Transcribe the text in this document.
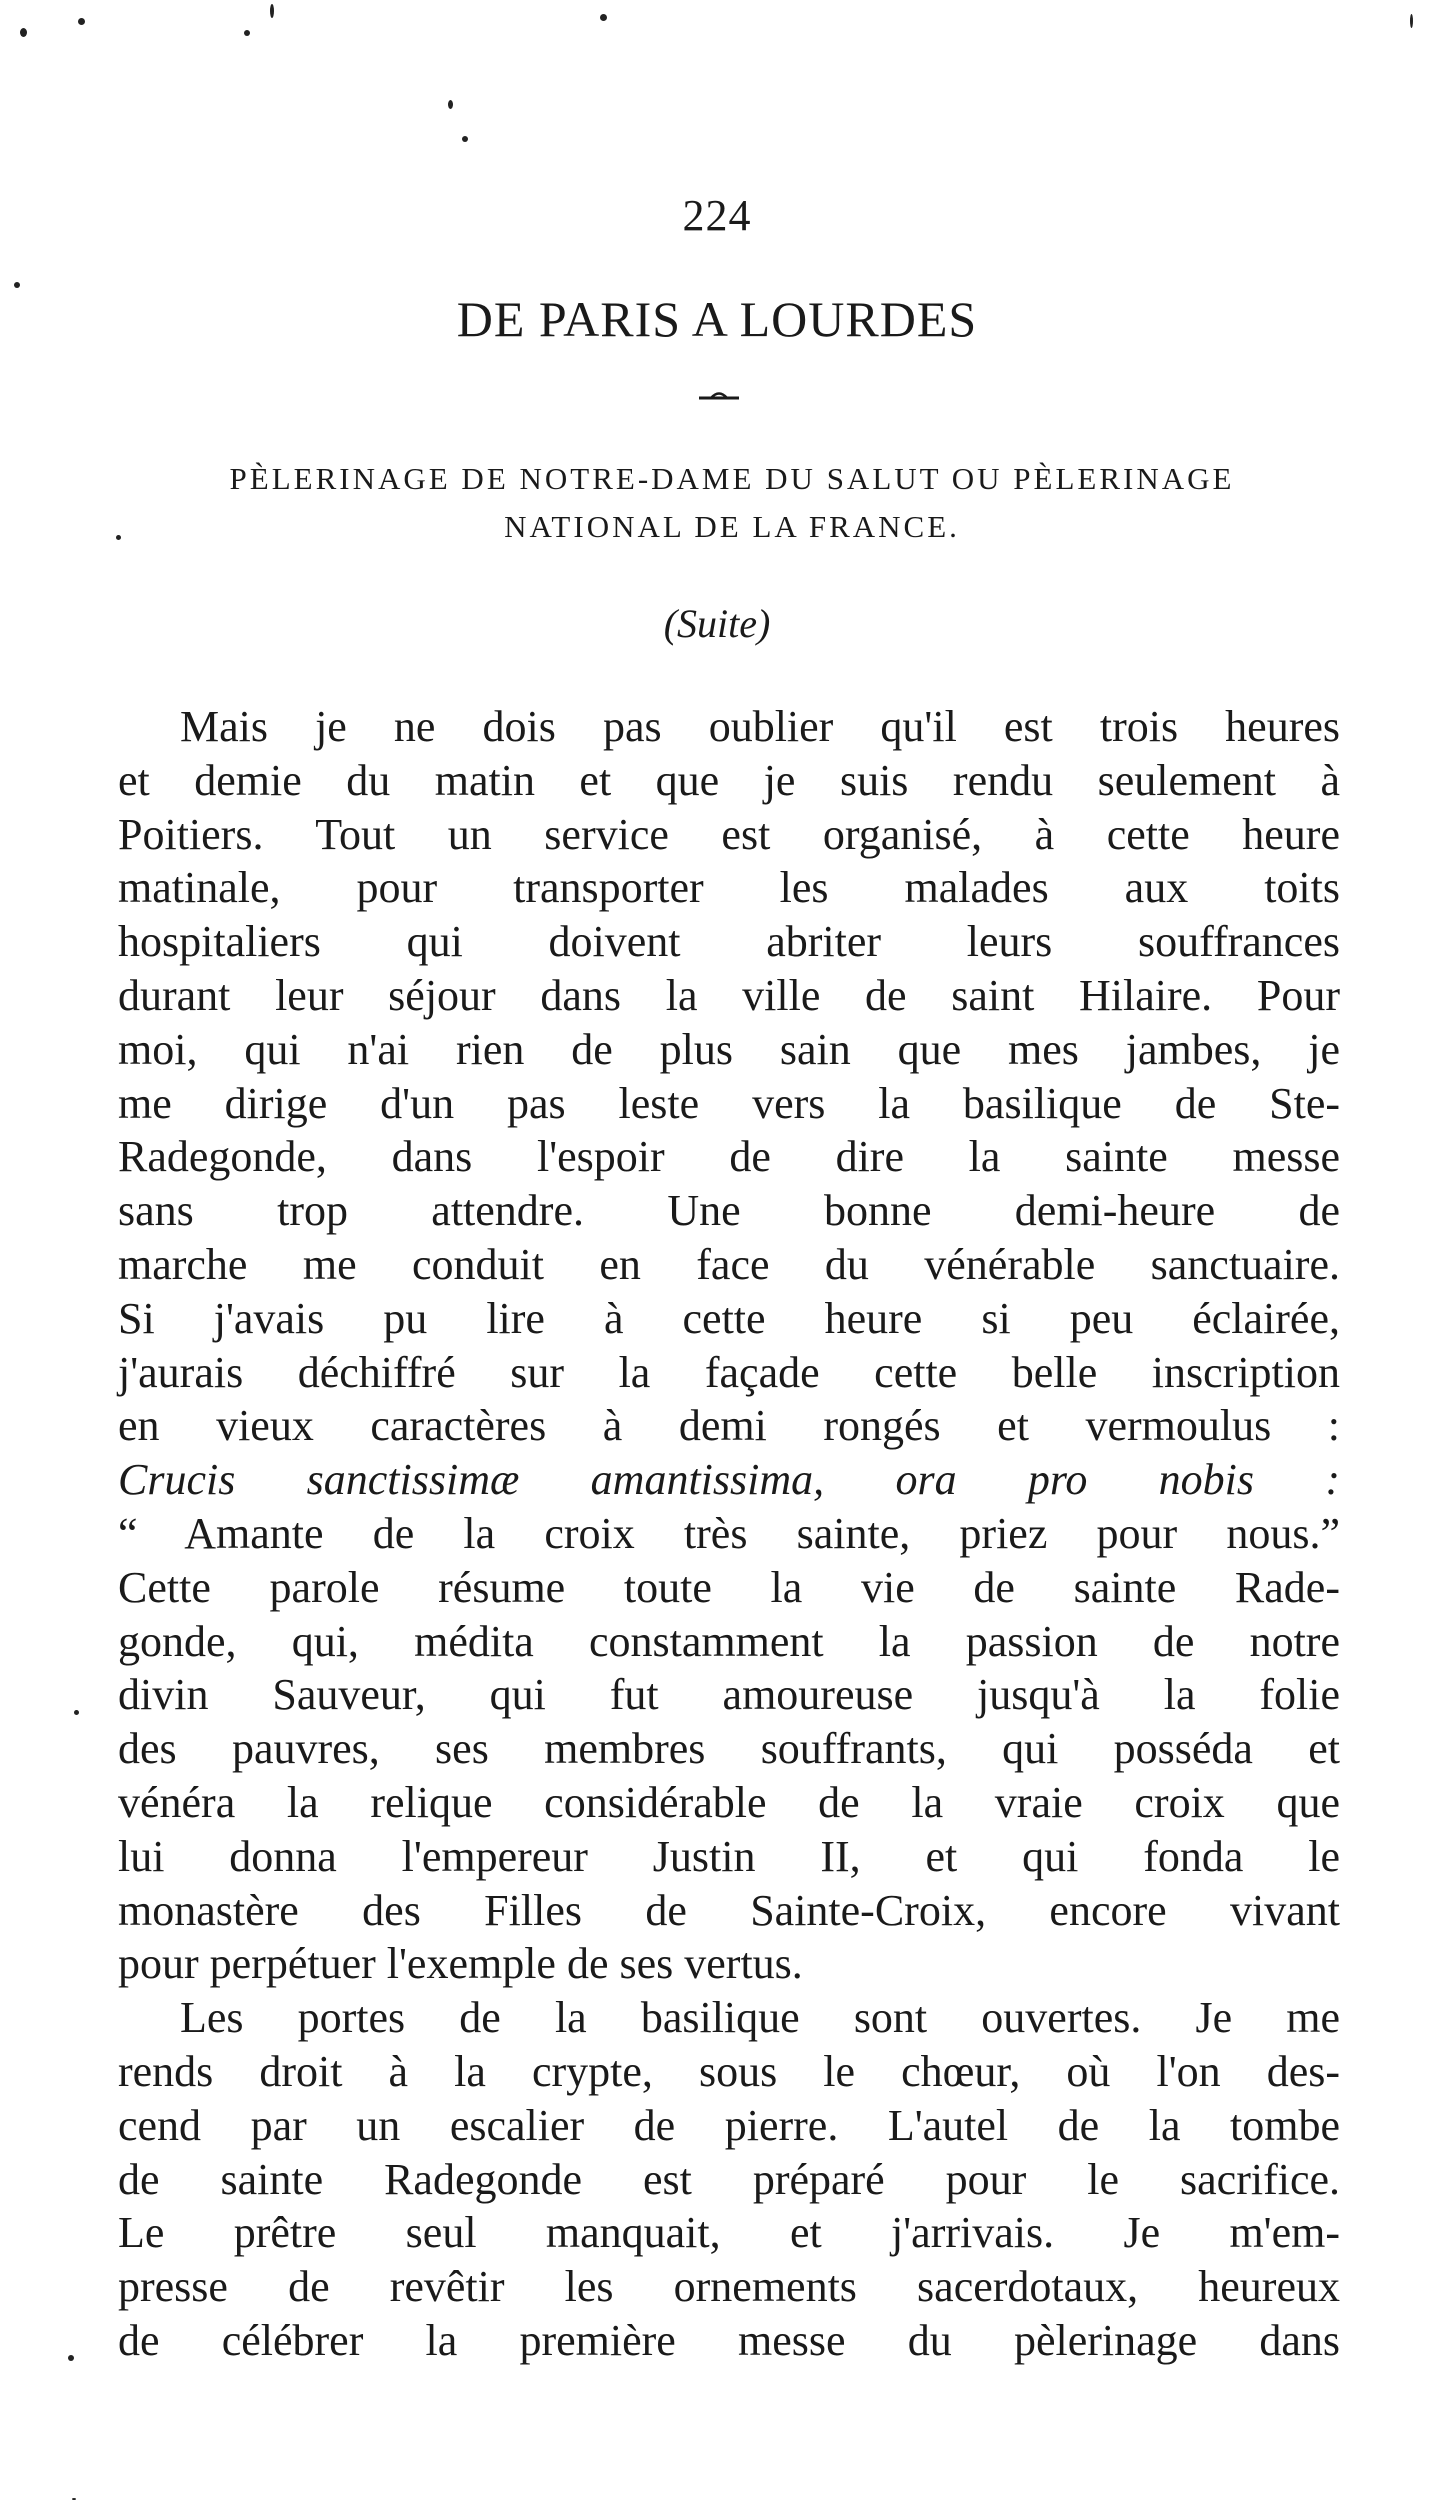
224
DE PARIS A LOURDES
PÈLERINAGE DE NOTRE-DAME DU SALUT OU PÈLERINAGE
NATIONAL DE LA FRANCE.
(Suite)
Mais je ne dois pas oublier qu'il est trois heures
et demie du matin et que je suis rendu seulement à
Poitiers. Tout un service est organisé, à cette heure
matinale, pour transporter les malades aux toits
hospitaliers qui doivent abriter leurs souffrances
durant leur séjour dans la ville de saint Hilaire. Pour
moi, qui n'ai rien de plus sain que mes jambes, je
me dirige d'un pas leste vers la basilique de Ste-
Radegonde, dans l'espoir de dire la sainte messe
sans trop attendre. Une bonne demi-heure de
marche me conduit en face du vénérable sanctuaire.
Si j'avais pu lire à cette heure si peu éclairée,
j'aurais déchiffré sur la façade cette belle inscription
en vieux caractères à demi rongés et vermoulus :
Crucis sanctissimæ amantissima, ora pro nobis :
“ Amante de la croix très sainte, priez pour nous.”
Cette parole résume toute la vie de sainte Rade-
gonde, qui, médita constamment la passion de notre
divin Sauveur, qui fut amoureuse jusqu'à la folie
des pauvres, ses membres souffrants, qui posséda et
vénéra la relique considérable de la vraie croix que
lui donna l'empereur Justin II, et qui fonda le
monastère des Filles de Sainte-Croix, encore vivant
pour perpétuer l'exemple de ses vertus.
Les portes de la basilique sont ouvertes. Je me
rends droit à la crypte, sous le chœur, où l'on des-
cend par un escalier de pierre. L'autel de la tombe
de sainte Radegonde est préparé pour le sacrifice.
Le prêtre seul manquait, et j'arrivais. Je m'em-
presse de revêtir les ornements sacerdotaux, heureux
de célébrer la première messe du pèlerinage dans
